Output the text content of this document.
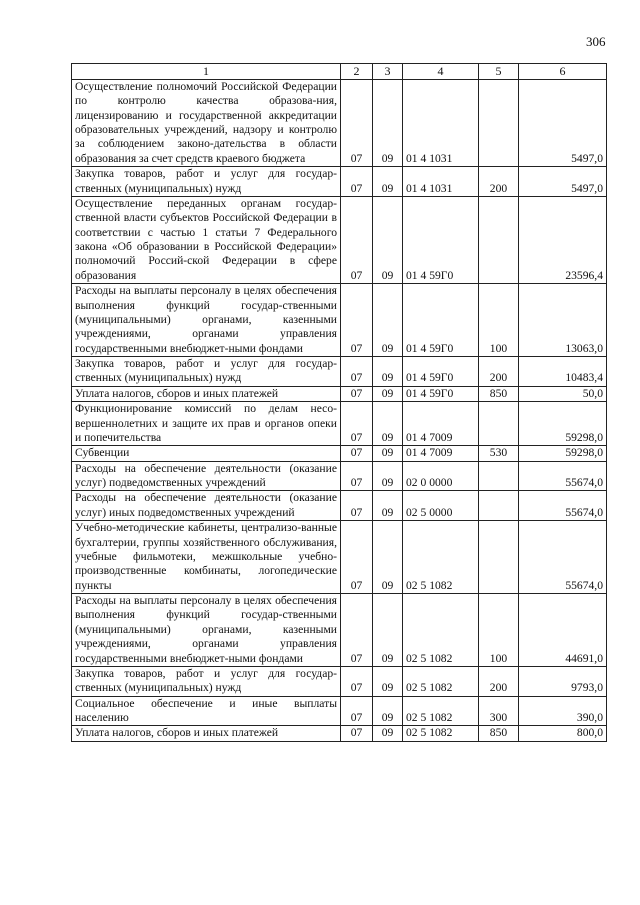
306
1	2	3	4	5	6
Осуществление полномочий Российской Федерации по контролю качества образова-ния, лицензированию и государственной аккредитации образовательных учреждений, надзору и контролю за соблюдением законо-дательства в области образования за счет средств краевого бюджета	07	09	01 4 1031		5497,0
Закупка товаров, работ и услуг для государ-ственных (муниципальных) нужд	07	09	01 4 1031	200	5497,0
Осуществление переданных органам государ-ственной власти субъектов Российской Федерации в соответствии с частью 1 статьи 7 Федерального закона «Об образовании в Российской Федерации» полномочий Россий-ской Федерации в сфере образования	07	09	01 4 59Г0		23596,4
Расходы на выплаты персоналу в целях обеспечения выполнения функций государ-ственными (муниципальными) органами, казенными учреждениями, органами управления государственными внебюджет-ными фондами	07	09	01 4 59Г0	100	13063,0
Закупка товаров, работ и услуг для государ-ственных (муниципальных) нужд	07	09	01 4 59Г0	200	10483,4
Уплата налогов, сборов и иных платежей	07	09	01 4 59Г0	850	50,0
Функционирование комиссий по делам несо-вершеннолетних и защите их прав и органов опеки и попечительства	07	09	01 4 7009		59298,0
Субвенции	07	09	01 4 7009	530	59298,0
Расходы на обеспечение деятельности (оказание услуг) подведомственных учреждений	07	09	02 0 0000		55674,0
Расходы на обеспечение деятельности (оказание услуг) иных подведомственных учреждений	07	09	02 5 0000		55674,0
Учебно-методические кабинеты, централизо-ванные бухгалтерии, группы хозяйственного обслуживания, учебные фильмотеки, межшкольные учебно-производственные комбинаты, логопедические пункты	07	09	02 5 1082		55674,0
Расходы на выплаты персоналу в целях обеспечения выполнения функций государ-ственными (муниципальными) органами, казенными учреждениями, органами управления государственными внебюджет-ными фондами	07	09	02 5 1082	100	44691,0
Закупка товаров, работ и услуг для государ-ственных (муниципальных) нужд	07	09	02 5 1082	200	9793,0
Социальное обеспечение и иные выплаты населению	07	09	02 5 1082	300	390,0
Уплата налогов, сборов и иных платежей	07	09	02 5 1082	850	800,0
